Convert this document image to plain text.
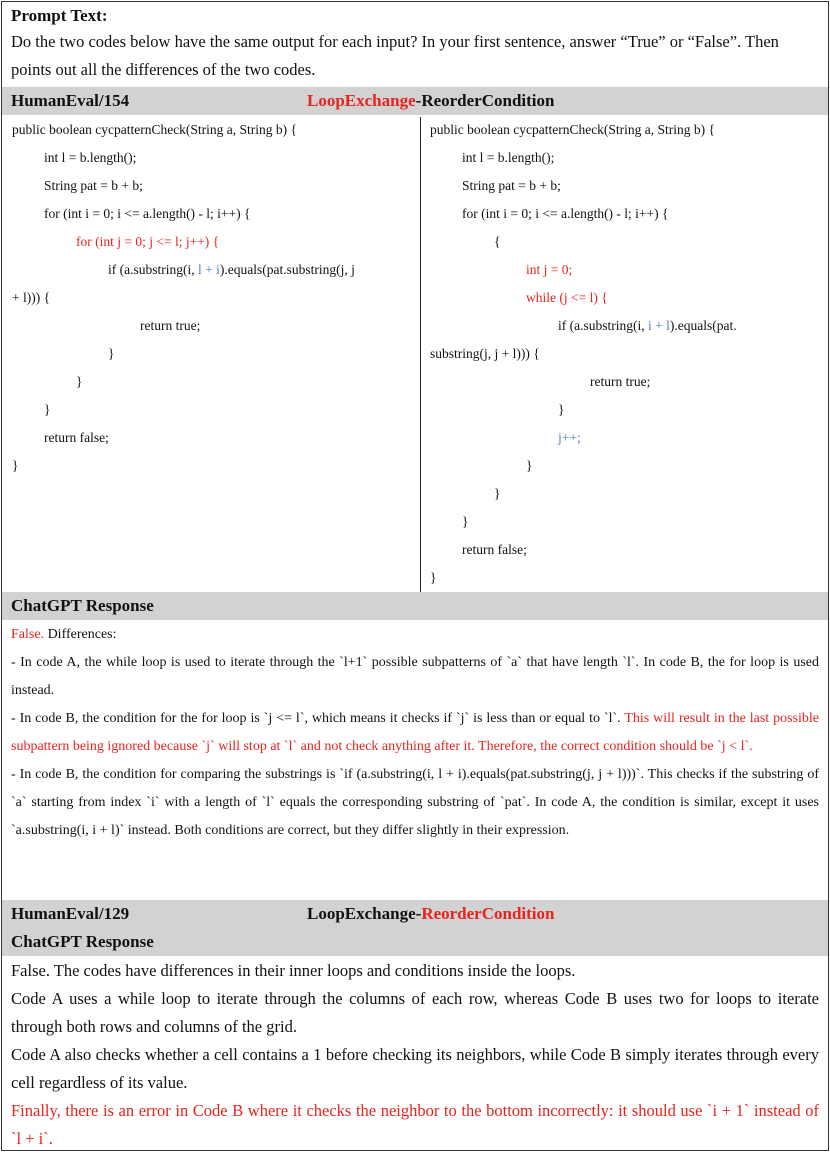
Prompt Text:
Do the two codes below have the same output for each input? In your first sentence, answer “True” or “False”. Then points out all the differences of the two codes.
HumanEval/154	LoopExchange-ReorderCondition
public boolean cycpatternCheck(String a, String b) {
int l = b.length();
String pat = b + b;
for (int i = 0; i <= a.length() - l; i++) {
for (int j = 0; j <= l; j++) {
if (a.substring(i, l + i).equals(pat.substring(j, j
+ l))) {
return true;
}
}
}
return false;
}
public boolean cycpatternCheck(String a, String b) {
int l = b.length();
String pat = b + b;
for (int i = 0; i <= a.length() - l; i++) {
{
int j = 0;
while (j <= l) {
if (a.substring(i, i + l).equals(pat.
substring(j, j + l))) {
return true;
}
j++;
}
}
}
return false;
}
ChatGPT Response
False. Differences:
- In code A, the while loop is used to iterate through the `l+1` possible subpatterns of `a` that have length `l`. In code B, the for loop is used instead.
- In code B, the condition for the for loop is `j <= l`, which means it checks if `j` is less than or equal to `l`. This will result in the last possible subpattern being ignored because `j` will stop at `l` and not check anything after it. Therefore, the correct condition should be `j < l`.
- In code B, the condition for comparing the substrings is `if (a.substring(i, l + i).equals(pat.substring(j, j + l)))`. This checks if the substring of `a` starting from index `i` with a length of `l` equals the corresponding substring of `pat`. In code A, the condition is similar, except it uses `a.substring(i, i + l)` instead. Both conditions are correct, but they differ slightly in their expression.
HumanEval/129	LoopExchange-ReorderCondition
ChatGPT Response
False. The codes have differences in their inner loops and conditions inside the loops.
Code A uses a while loop to iterate through the columns of each row, whereas Code B uses two for loops to iterate through both rows and columns of the grid.
Code A also checks whether a cell contains a 1 before checking its neighbors, while Code B simply iterates through every cell regardless of its value.
Finally, there is an error in Code B where it checks the neighbor to the bottom incorrectly: it should use `i + 1` instead of `l + i`.
